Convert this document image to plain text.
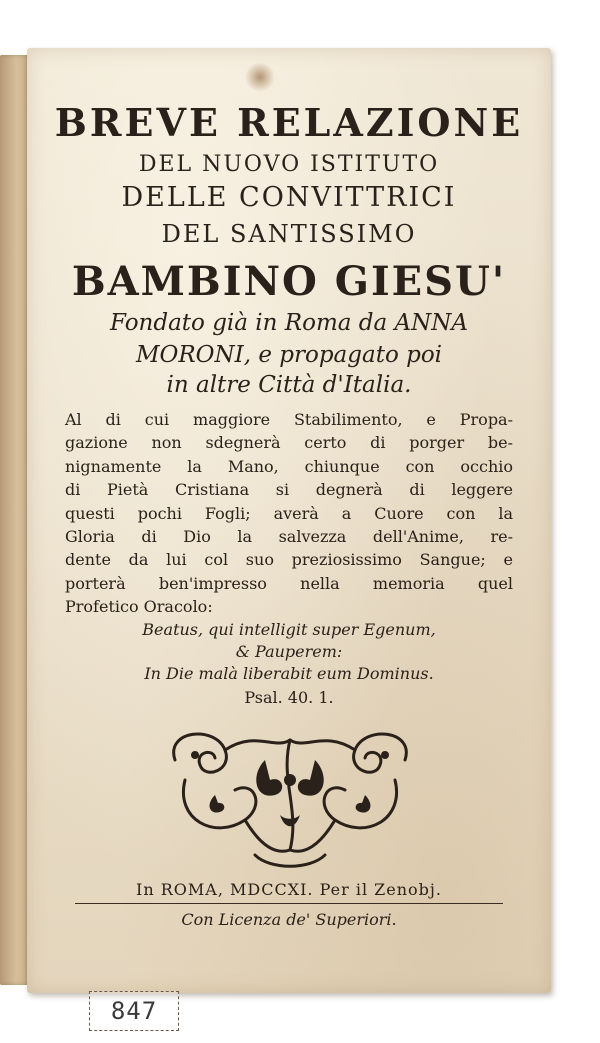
BREVE RELAZIONE
DEL NUOVO ISTITUTO
DELLE CONVITTRICI
DEL SANTISSIMO
BAMBINO GIESU'
Fondato già in Roma da ANNA
MORONI, e propagato poi
in altre Città d'Italia.
Al di cui maggiore Stabilimento, e Propa-
gazione non sdegnerà certo di porger be-
nignamente la Mano, chiunque con occhio
di Pietà Cristiana si degnerà di leggere
questi pochi Fogli; averà a Cuore con la
Gloria di Dio la salvezza dell'Anime, re-
dente da lui col suo preziosissimo Sangue; e
porterà ben'impresso nella memoria quel
Profetico Oracolo:
Beatus, qui intelligit super Egenum,
& Pauperem:
In Die malà liberabit eum Dominus.
Psal. 40. 1.
In ROMA, MDCCXI. Per il Zenobj.
Con Licenza de' Superiori.
847
